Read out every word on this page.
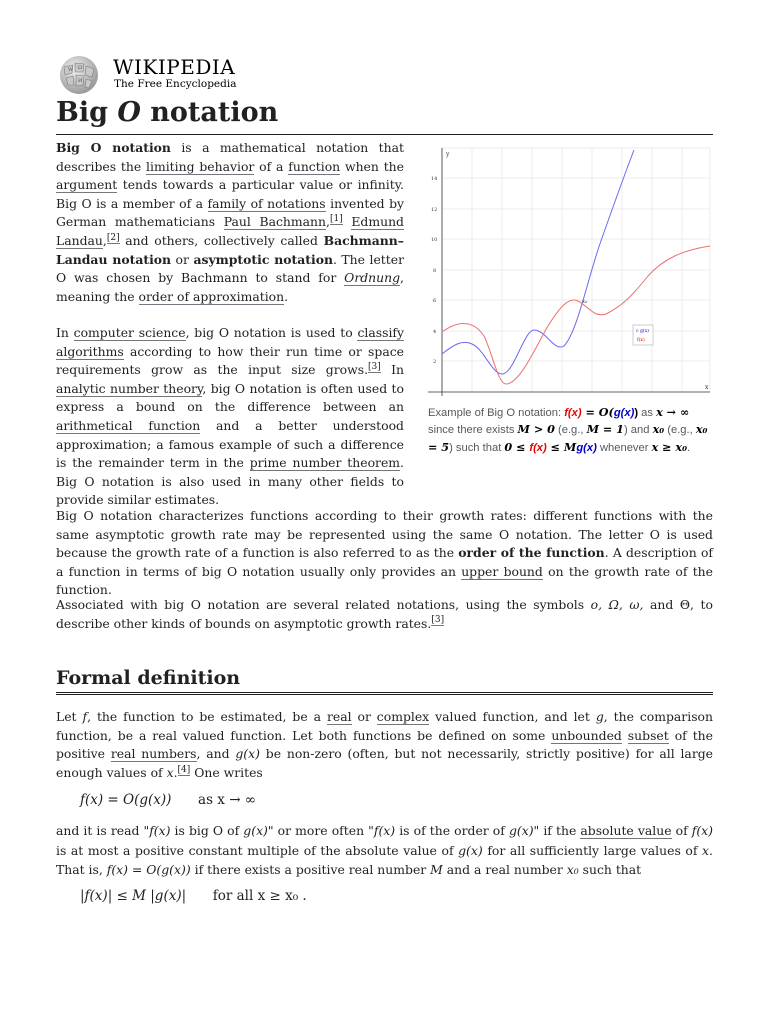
W Ω
И
WIKIPEDIA
The Free Encyclopedia
Big O notation

Big O notation is a mathematical notation that describes the limiting behavior of a function when the argument tends towards a particular value or infinity. Big O is a member of a family of notations invented by German mathematicians Paul Bachmann,[1] Edmund Landau,[2] and others, collectively called Bachmann–Landau notation or asymptotic notation. The letter O was chosen by Bachmann to stand for Ordnung, meaning the order of approximation.

In computer science, big O notation is used to classify algorithms according to how their run time or space requirements grow as the input size grows.[3] In analytic number theory, big O notation is often used to express a bound on the difference between an arithmetical function and a better understood approximation; a famous example of such a difference is the remainder term in the prime number theorem. Big O notation is also used in many other fields to provide similar estimates.

y
x
14
12
10
8
6
4
2
x₀
c g(x)
f(x)
Example of Big O notation: f(x) = O(g(x)) as x → ∞ since there exists M > 0 (e.g., M = 1) and x₀ (e.g., x₀ = 5) such that 0 ≤ f(x) ≤ Mg(x) whenever x ≥ x₀.

Big O notation characterizes functions according to their growth rates: different functions with the same asymptotic growth rate may be represented using the same O notation. The letter O is used because the growth rate of a function is also referred to as the order of the function. A description of a function in terms of big O notation usually only provides an upper bound on the growth rate of the function.

Associated with big O notation are several related notations, using the symbols o, Ω, ω, and Θ, to describe other kinds of bounds on asymptotic growth rates.[3]

Formal definition

Let f, the function to be estimated, be a real or complex valued function, and let g, the comparison function, be a real valued function. Let both functions be defined on some unbounded subset of the positive real numbers, and g(x) be non-zero (often, but not necessarily, strictly positive) for all large enough values of x.[4] One writes

f(x) = O(g(x)) as x → ∞

and it is read "f(x) is big O of g(x)" or more often "f(x) is of the order of g(x)" if the absolute value of f(x) is at most a positive constant multiple of the absolute value of g(x) for all sufficiently large values of x. That is, f(x) = O(g(x)) if there exists a positive real number M and a real number x₀ such that

|f(x)| ≤ M |g(x)| for all x ≥ x₀ .
